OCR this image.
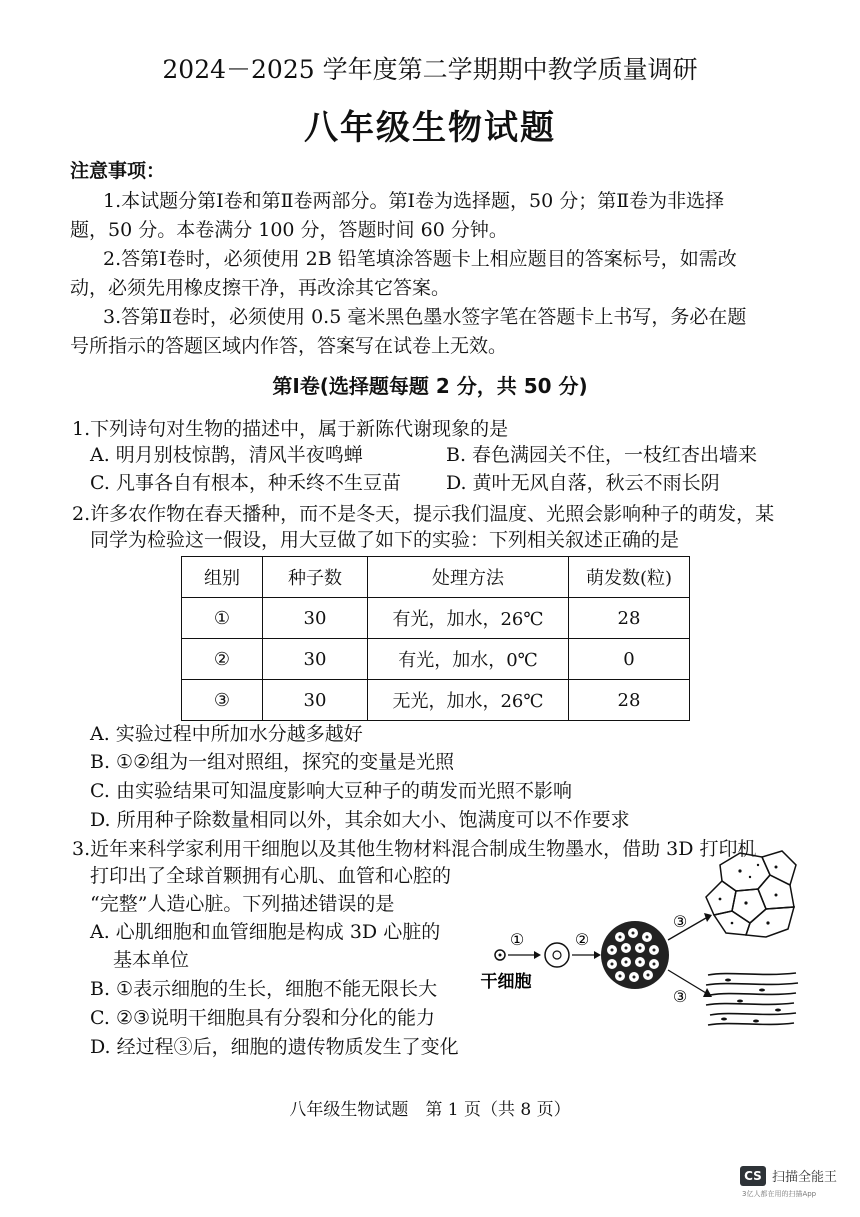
2024－2025 学年度第二学期期中教学质量调研
八年级生物试题
注意事项：
1.本试题分第Ⅰ卷和第Ⅱ卷两部分。第Ⅰ卷为选择题，50 分；第Ⅱ卷为非选择
题，50 分。本卷满分 100 分，答题时间 60 分钟。
2.答第Ⅰ卷时，必须使用 2B 铅笔填涂答题卡上相应题目的答案标号，如需改
动，必须先用橡皮擦干净，再改涂其它答案。
3.答第Ⅱ卷时，必须使用 0.5 毫米黑色墨水签字笔在答题卡上书写，务必在题
号所指示的答题区域内作答，答案写在试卷上无效。
第Ⅰ卷(选择题每题 2 分，共 50 分)
1.下列诗句对生物的描述中，属于新陈代谢现象的是
A. 明月别枝惊鹊，清风半夜鸣蝉	B. 春色满园关不住，一枝红杏出墙来
C. 凡事各自有根本，种禾终不生豆苗 D. 黄叶无风自落，秋云不雨长阴
2.许多农作物在春天播种，而不是冬天，提示我们温度、光照会影响种子的萌发，某
同学为检验这一假设，用大豆做了如下的实验：下列相关叙述正确的是
组别	种子数	处理方法	萌发数(粒)
①	30	有光，加水，26℃	28
②	30	有光，加水，0℃	0
③	30	无光，加水，26℃	28
A. 实验过程中所加水分越多越好
B. ①②组为一组对照组，探究的变量是光照
C. 由实验结果可知温度影响大豆种子的萌发而光照不影响
D. 所用种子除数量相同以外，其余如大小、饱满度可以不作要求
3.近年来科学家利用干细胞以及其他生物材料混合制成生物墨水，借助 3D 打印机
打印出了全球首颗拥有心肌、血管和心腔的
“完整”人造心脏。下列描述错误的是
A. 心肌细胞和血管细胞是构成 3D 心脏的
基本单位
B. ①表示细胞的生长，细胞不能无限长大
C. ②③说明干细胞具有分裂和分化的能力
D. 经过程③后，细胞的遗传物质发生了变化
①	②
③
③
干细胞
八年级生物试题　第 1 页（共 8 页）
CS 扫描全能王
3亿人都在用的扫描App
